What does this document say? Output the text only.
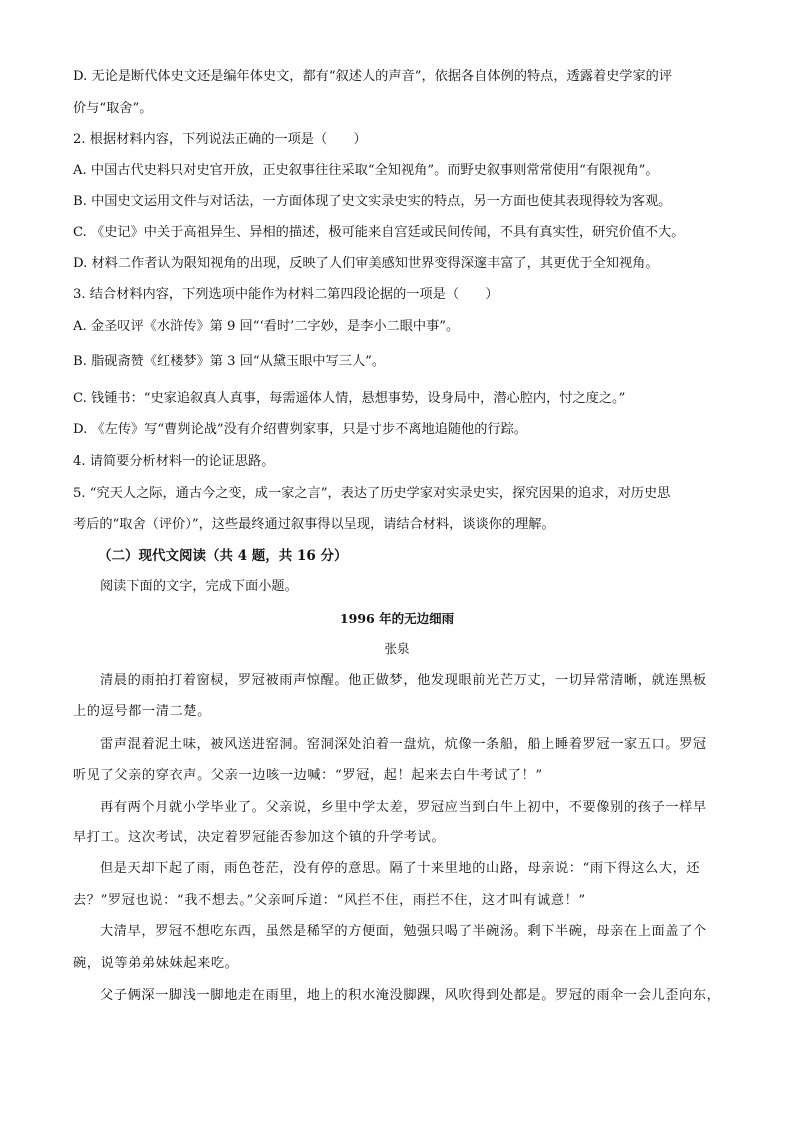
D. 无论是断代体史文还是编年体史文，都有“叙述人的声音”，依据各自体例的特点，透露着史学家的评
价与“取舍”。
2. 根据材料内容，下列说法正确的一项是（　　）
A. 中国古代史料只对史官开放，正史叙事往往采取“全知视角”。而野史叙事则常常使用“有限视角”。
B. 中国史文运用文件与对话法，一方面体现了史文实录史实的特点，另一方面也使其表现得较为客观。
C. 《史记》中关于高祖异生、异相的描述，极可能来自宫廷或民间传闻，不具有真实性，研究价值不大。
D. 材料二作者认为限知视角的出现，反映了人们审美感知世界变得深邃丰富了，其更优于全知视角。
3. 结合材料内容，下列选项中能作为材料二第四段论据的一项是（　　）
A. 金圣叹评《水浒传》第 9 回“‘看时’二字妙，是李小二眼中事”。
B. 脂砚斋赞《红楼梦》第 3 回“从黛玉眼中写三人”。
C. 钱锺书：“史家追叙真人真事，每需遥体人情，悬想事势，设身局中，潜心腔内，忖之度之。”
D. 《左传》写“曹刿论战”没有介绍曹刿家事，只是寸步不离地追随他的行踪。
4. 请简要分析材料一的论证思路。
5. “究天人之际，通古今之变，成一家之言”，表达了历史学家对实录史实，探究因果的追求，对历史思
考后的“取舍（评价）”，这些最终通过叙事得以呈现，请结合材料，谈谈你的理解。
（二）现代文阅读（共 4 题，共 16 分）
阅读下面的文字，完成下面小题。
1996 年的无边细雨
张泉
清晨的雨拍打着窗棂，罗冠被雨声惊醒。他正做梦，他发现眼前光芒万丈，一切异常清晰，就连黑板
上的逗号都一清二楚。
雷声混着泥土味，被风送进窑洞。窑洞深处泊着一盘炕，炕像一条船，船上睡着罗冠一家五口。罗冠
听见了父亲的穿衣声。父亲一边咳一边喊：“罗冠，起！起来去白牛考试了！”
再有两个月就小学毕业了。父亲说，乡里中学太差，罗冠应当到白牛上初中，不要像别的孩子一样早
早打工。这次考试，决定着罗冠能否参加这个镇的升学考试。
但是天却下起了雨，雨色苍茫，没有停的意思。隔了十来里地的山路，母亲说：“雨下得这么大，还
去？”罗冠也说：“我不想去。”父亲呵斥道：“风拦不住，雨拦不住，这才叫有诚意！”
大清早，罗冠不想吃东西，虽然是稀罕的方便面，勉强只喝了半碗汤。剩下半碗，母亲在上面盖了个
碗，说等弟弟妹妹起来吃。
父子俩深一脚浅一脚地走在雨里，地上的积水淹没脚踝，风吹得到处都是。罗冠的雨伞一会儿歪向东，
